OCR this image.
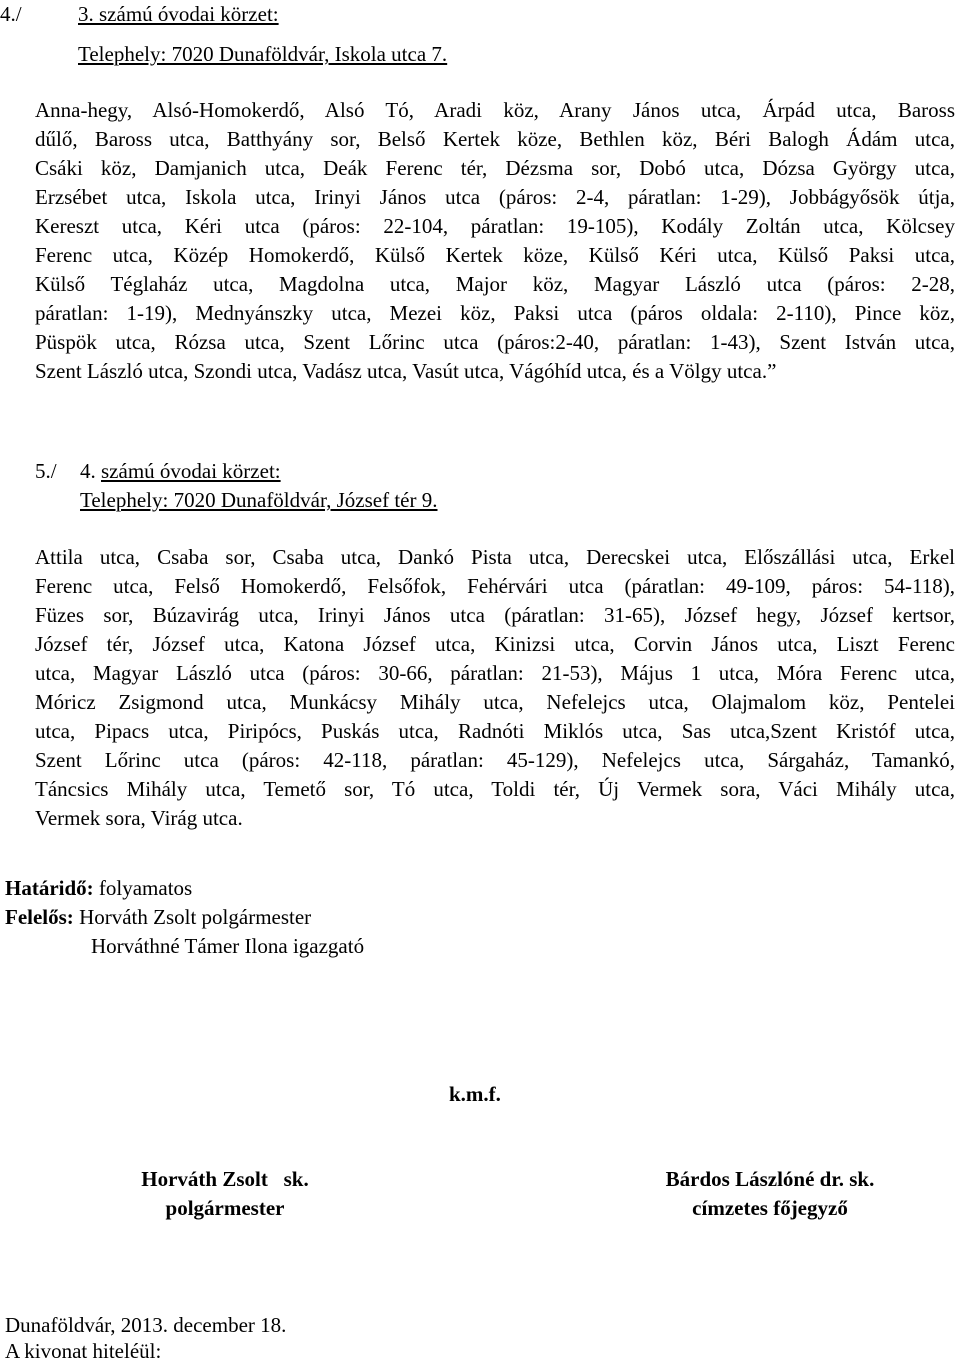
4./	3. számú óvodai körzet:
Telephely: 7020 Dunaföldvár, Iskola utca 7.
Anna-hegy, Alsó-Homokerdő, Alsó Tó, Aradi köz, Arany János utca, Árpád utca, Baross
dűlő, Baross utca, Batthyány sor, Belső Kertek köze, Bethlen köz, Béri Balogh Ádám utca,
Csáki köz, Damjanich utca, Deák Ferenc tér, Dézsma sor, Dobó utca, Dózsa György utca,
Erzsébet utca, Iskola utca, Irinyi János utca (páros: 2-4, páratlan: 1-29), Jobbágyősök útja,
Kereszt utca, Kéri utca (páros: 22-104, páratlan: 19-105), Kodály Zoltán utca, Kölcsey
Ferenc utca, Közép Homokerdő, Külső Kertek köze, Külső Kéri utca, Külső Paksi utca,
Külső Téglaház utca, Magdolna utca, Major köz, Magyar László utca (páros: 2-28,
páratlan: 1-19), Mednyánszky utca, Mezei köz, Paksi utca (páros oldala: 2-110), Pince köz,
Püspök utca, Rózsa utca, Szent Lőrinc utca (páros:2-40, páratlan: 1-43), Szent István utca,
Szent László utca, Szondi utca, Vadász utca, Vasút utca, Vágóhíd utca, és a Völgy utca.”
5./ 4. számú óvodai körzet:
Telephely: 7020 Dunaföldvár, József tér 9.
Attila utca, Csaba sor, Csaba utca, Dankó Pista utca, Derecskei utca, Előszállási utca, Erkel
Ferenc utca, Felső Homokerdő, Felsőfok, Fehérvári utca (páratlan: 49-109, páros: 54-118),
Füzes sor, Búzavirág utca, Irinyi János utca (páratlan: 31-65), József hegy, József kertsor,
József tér, József utca, Katona József utca, Kinizsi utca, Corvin János utca, Liszt Ferenc
utca, Magyar László utca (páros: 30-66, páratlan: 21-53), Május 1 utca, Móra Ferenc utca,
Móricz Zsigmond utca, Munkácsy Mihály utca, Nefelejcs utca, Olajmalom köz, Pentelei
utca, Pipacs utca, Piripócs, Puskás utca, Radnóti Miklós utca, Sas utca,Szent Kristóf utca,
Szent Lőrinc utca (páros: 42-118, páratlan: 45-129), Nefelejcs utca, Sárgaház, Tamankó,
Táncsics Mihály utca, Temető sor, Tó utca, Toldi tér, Új Vermek sora, Váci Mihály utca,
Vermek sora, Virág utca.
Határidő: folyamatos
Felelős: Horváth Zsolt polgármester
Horváthné Támer Ilona igazgató
k.m.f.
Horváth Zsolt   sk.
polgármester
Bárdos Lászlóné dr. sk.
címzetes főjegyző
Dunaföldvár, 2013. december 18.
A kivonat hiteléül:
